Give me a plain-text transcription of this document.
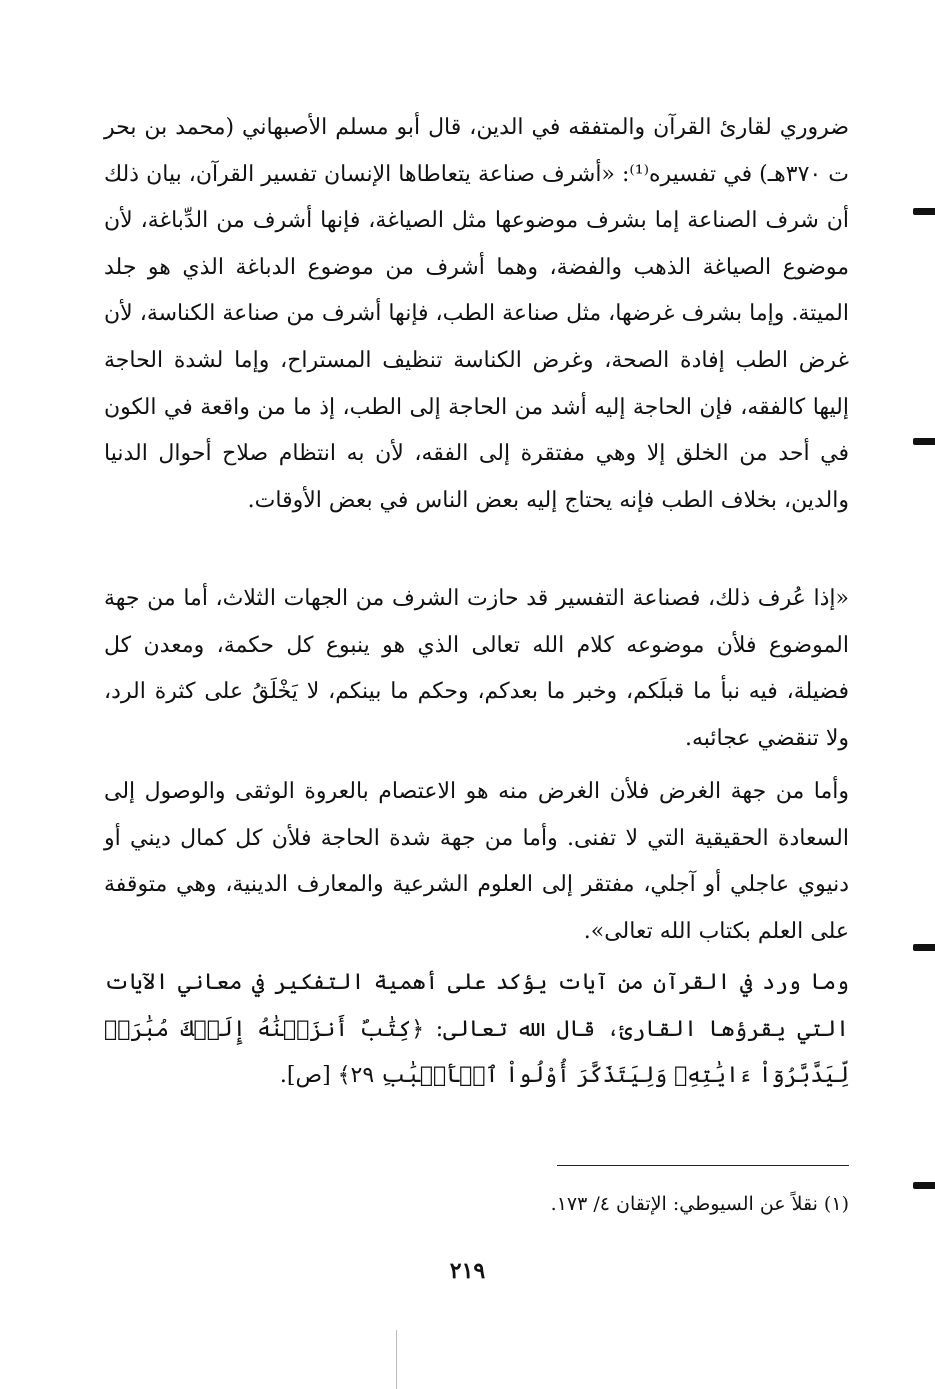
ضروري لقارئ القرآن والمتفقه في الدين، قال أبو مسلم الأصبهاني (محمد بن بحر ت ٣٧٠هـ) في تفسيره⁽¹⁾: «أشرف صناعة يتعاطاها الإنسان تفسير القرآن، بيان ذلك أن شرف الصناعة إما بشرف موضوعها مثل الصياغة، فإنها أشرف من الدِّباغة، لأن موضوع الصياغة الذهب والفضة، وهما أشرف من موضوع الدباغة الذي هو جلد الميتة. وإما بشرف غرضها، مثل صناعة الطب، فإنها أشرف من صناعة الكناسة، لأن غرض الطب إفادة الصحة، وغرض الكناسة تنظيف المستراح، وإما لشدة الحاجة إليها كالفقه، فإن الحاجة إليه أشد من الحاجة إلى الطب، إذ ما من واقعة في الكون في أحد من الخلق إلا وهي مفتقرة إلى الفقه، لأن به انتظام صلاح أحوال الدنيا والدين، بخلاف الطب فإنه يحتاج إليه بعض الناس في بعض الأوقات.

«إذا عُرف ذلك، فصناعة التفسير قد حازت الشرف من الجهات الثلاث، أما من جهة الموضوع فلأن موضوعه كلام الله تعالى الذي هو ينبوع كل حكمة، ومعدن كل فضيلة، فيه نبأ ما قبلَكم، وخبر ما بعدكم، وحكم ما بينكم، لا يَخْلَقُ على كثرة الرد، ولا تنقضي عجائبه.

وأما من جهة الغرض فلأن الغرض منه هو الاعتصام بالعروة الوثقى والوصول إلى السعادة الحقيقية التي لا تفنى. وأما من جهة شدة الحاجة فلأن كل كمال ديني أو دنيوي عاجلي أو آجلي، مفتقر إلى العلوم الشرعية والمعارف الدينية، وهي متوقفة على العلم بكتاب الله تعالى».

وما ورد في القرآن من آيات يؤكد على أهمية التفكير في معاني الآيات التي يقرؤها القارئ، قال الله تعالى: ﴿كِتَٰبٌ أَنزَلۡنَٰهُ إِلَيۡكَ مُبَٰرَكٞ لِّيَدَّبَّرُوٓاْ ءَايَٰتِهِۦ وَلِيَتَذَكَّرَ أُوْلُواْ ٱلۡأَلۡبَٰبِ ٢٩﴾ [ص].

(١) نقلاً عن السيوطي: الإتقان ٤/ ١٧٣.
٢١٩
